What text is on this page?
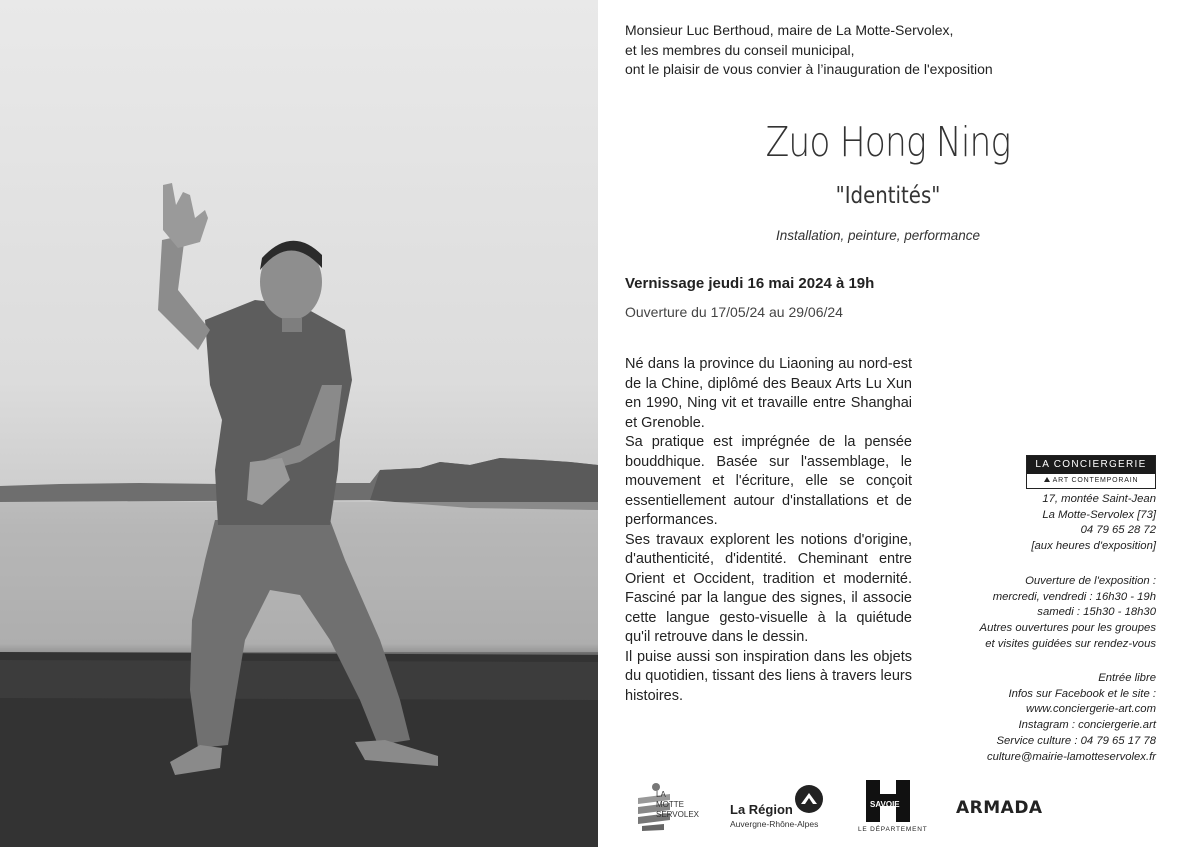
Monsieur Luc Berthoud, maire de La Motte-Servolex,
et les membres du conseil municipal,
ont le plaisir de vous convier à l’inauguration de l'exposition
Zuo Hong Ning
"Identités"
Installation, peinture, performance
Vernissage jeudi 16 mai 2024 à 19h
Ouverture du 17/05/24 au 29/06/24

Né dans la province du Liaoning au nord-est de la Chine, diplômé des Beaux Arts Lu Xun en 1990, Ning vit et travaille entre Shanghai et Grenoble.

Sa pratique est imprégnée de la pensée bouddhique. Basée sur l'assemblage, le mouvement et l'écriture, elle se conçoit essentiellement autour d'installations et de performances.

Ses travaux explorent les notions d'origine, d'authenticité, d'identité. Cheminant entre Orient et Occident, tradition et modernité. Fasciné par la langue des signes, il associe cette langue gesto-visuelle à la quiétude qu'il retrouve dans le dessin.

Il puise aussi son inspiration dans les objets du quotidien, tissant des liens à travers leurs histoires.

LA CONCIERGERIE
ART CONTEMPORAIN
17, montée Saint-Jean
La Motte-Servolex [73]
04 79 65 28 72
[aux heures d'exposition]
Ouverture de l'exposition :
mercredi, vendredi : 16h30 - 19h
samedi : 15h30 - 18h30
Autres ouvertures pour les groupes
et visites guidées sur rendez-vous
Entrée libre
Infos sur Facebook et le site :
www.conciergerie-art.com
Instagram : conciergerie.art
Service culture : 04 79 65 17 78
culture@mairie-lamotteservolex.fr
LA
MOTTE
SERVOLEX La Région
Auvergne-Rhône-Alpes
SAVOIE
LE DÉPARTEMENT
ARMADA
